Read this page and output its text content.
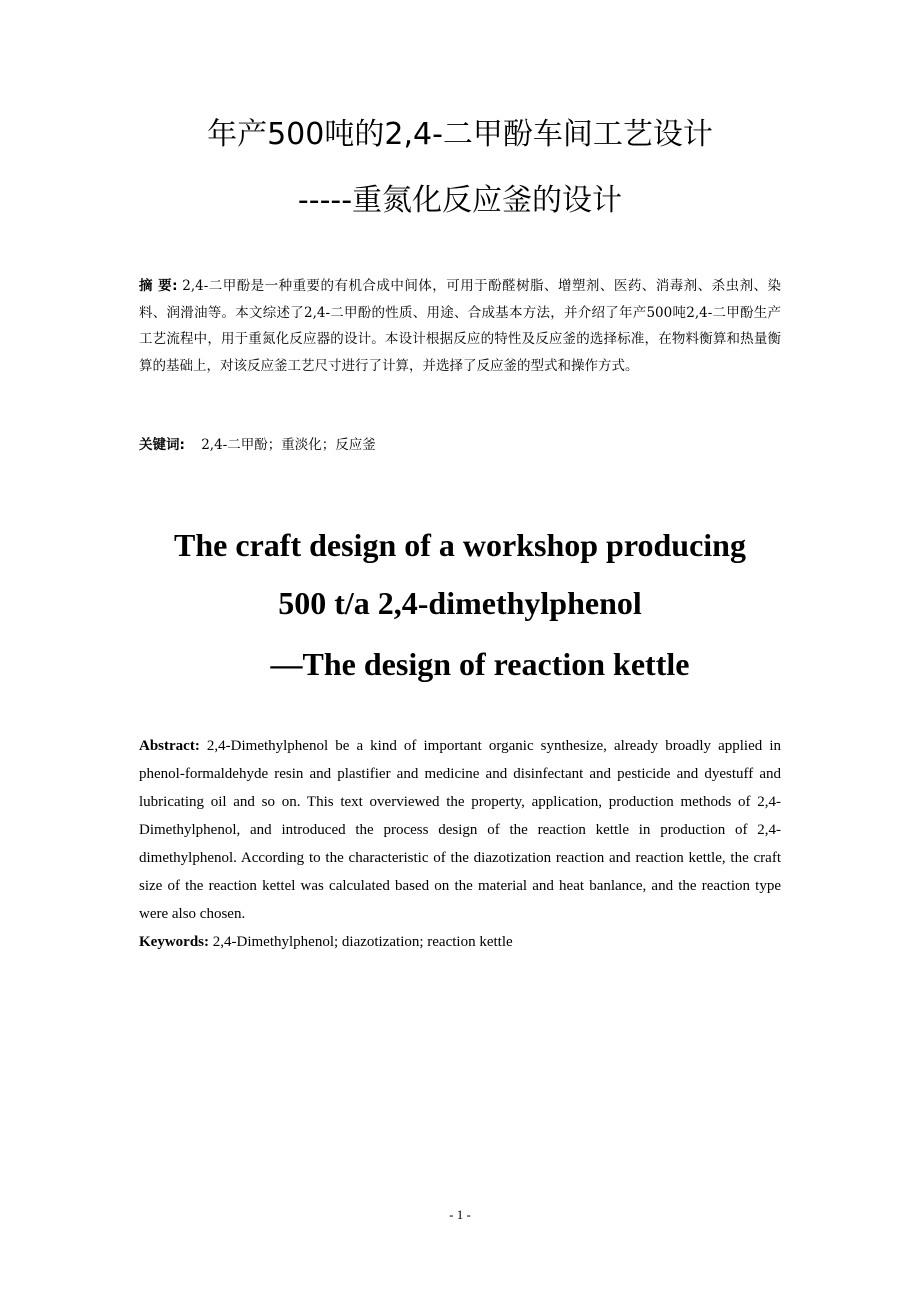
年产500吨的2,4-二甲酚车间工艺设计
-----重氮化反应釜的设计
摘 要: 2,4-二甲酚是一种重要的有机合成中间体，可用于酚醛树脂、增塑剂、医药、消毒剂、杀虫剂、染料、润滑油等。本文综述了2,4-二甲酚的性质、用途、合成基本方法，并介绍了年产500吨2,4-二甲酚生产工艺流程中，用于重氮化反应器的设计。本设计根据反应的特性及反应釜的选择标准，在物料衡算和热量衡算的基础上，对该反应釜工艺尺寸进行了计算，并选择了反应釜的型式和操作方式。
关键词: 2,4-二甲酚；重淡化；反应釜
The craft design of a workshop producing
500 t/a 2,4-dimethylphenol
—The design of reaction kettle
Abstract: 2,4-Dimethylphenol be a kind of important organic synthesize, already broadly applied in phenol-formaldehyde resin and plastifier and medicine and disinfectant and pesticide and dyestuff and lubricating oil and so on. This text overviewed the property, application, production methods of 2,4-Dimethylphenol, and introduced the process design of the reaction kettle in production of 2,4-dimethylphenol. According to the characteristic of the diazotization reaction and reaction kettle, the craft size of the reaction kettel was calculated based on the material and heat banlance, and the reaction type were also chosen.
Keywords: 2,4-Dimethylphenol; diazotization; reaction kettle
- 1 -
